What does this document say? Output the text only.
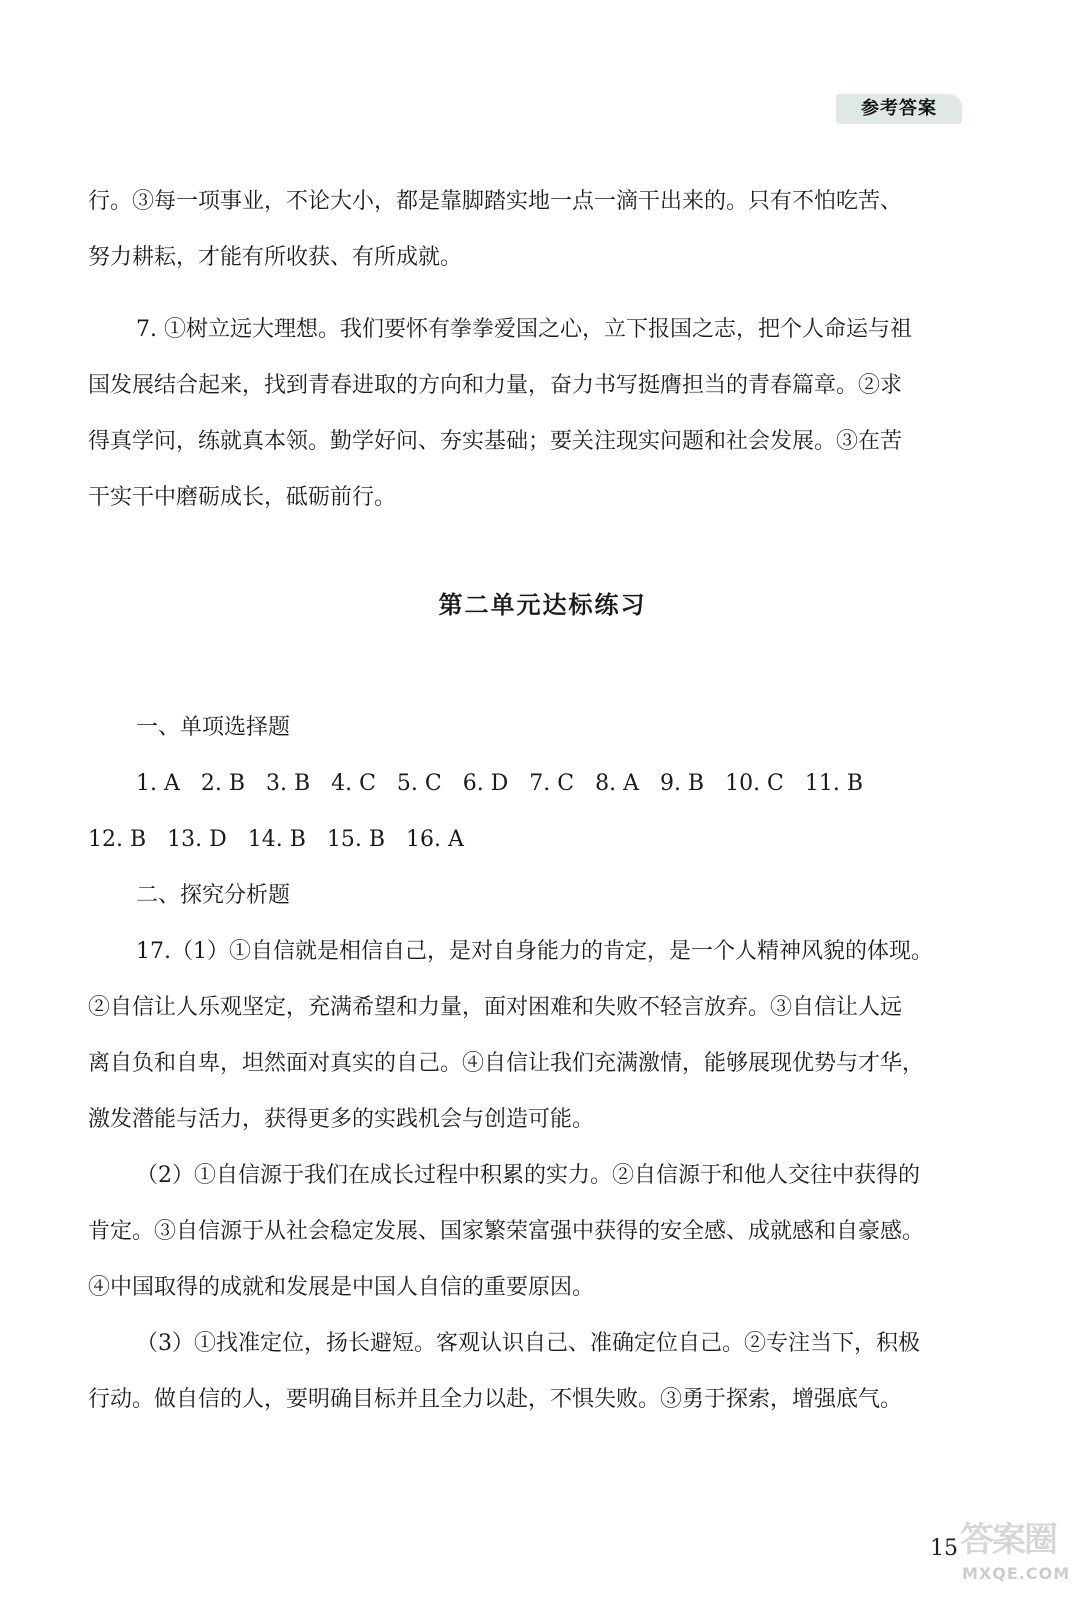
参考答案

行。③每一项事业，不论大小，都是靠脚踏实地一点一滴干出来的。只有不怕吃苦、

努力耕耘，才能有所收获、有所成就。

7. ①树立远大理想。我们要怀有拳拳爱国之心，立下报国之志，把个人命运与祖

国发展结合起来，找到青春进取的方向和力量，奋力书写挺膺担当的青春篇章。②求

得真学问，练就真本领。勤学好问、夯实基础；要关注现实问题和社会发展。③在苦

干实干中磨砺成长，砥砺前行。

第二单元达标练习

一、单项选择题

1. A   2. B   3. B   4. C   5. C   6. D   7. C   8. A   9. B   10. C   11. B

12. B   13. D   14. B   15. B   16. A

二、探究分析题

17.（1）①自信就是相信自己，是对自身能力的肯定，是一个人精神风貌的体现。

②自信让人乐观坚定，充满希望和力量，面对困难和失败不轻言放弃。③自信让人远

离自负和自卑，坦然面对真实的自己。④自信让我们充满激情，能够展现优势与才华，

激发潜能与活力，获得更多的实践机会与创造可能。

（2）①自信源于我们在成长过程中积累的实力。②自信源于和他人交往中获得的

肯定。③自信源于从社会稳定发展、国家繁荣富强中获得的安全感、成就感和自豪感。

④中国取得的成就和发展是中国人自信的重要原因。

（3）①找准定位，扬长避短。客观认识自己、准确定位自己。②专注当下，积极

行动。做自信的人，要明确目标并且全力以赴，不惧失败。③勇于探索，增强底气。

15 答案圈
MXQE.COM
